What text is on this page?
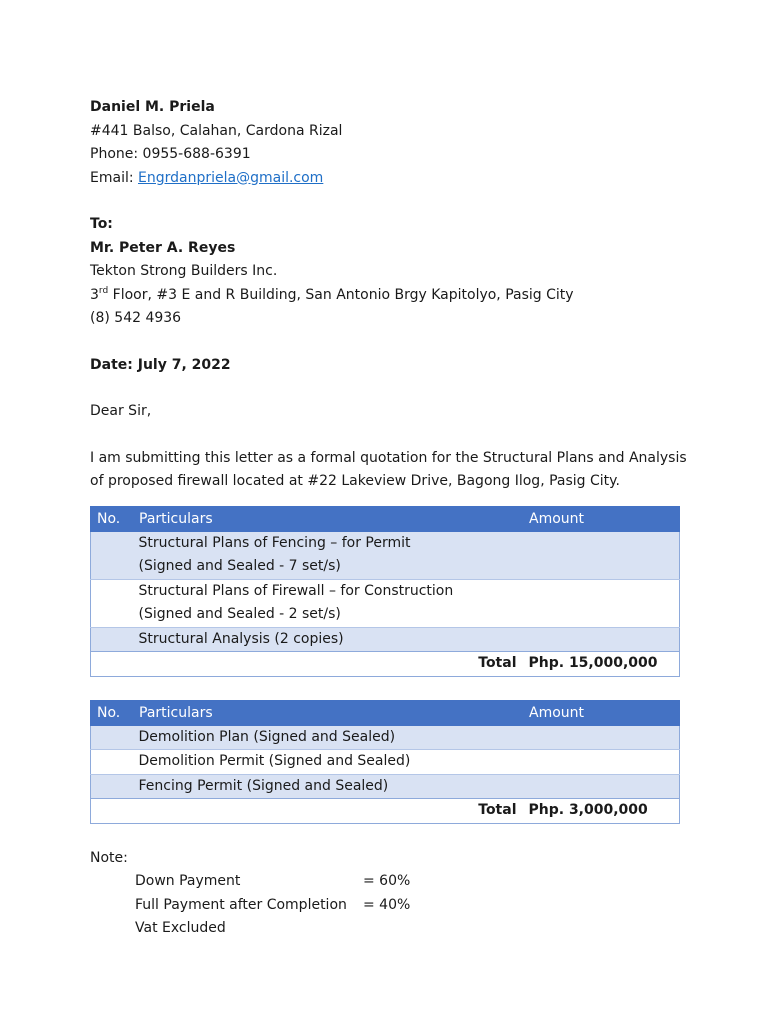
Daniel M. Priela
#441 Balso, Calahan, Cardona Rizal
Phone: 0955-688-6391
Email: Engrdanpriela@gmail.com
To:
Mr. Peter A. Reyes
Tekton Strong Builders Inc.
3rd Floor, #3 E and R Building, San Antonio Brgy Kapitolyo, Pasig City
(8) 542 4936
Date: July 7, 2022
Dear Sir,
I am submitting this letter as a formal quotation for the Structural Plans and Analysis
of proposed firewall located at #22 Lakeview Drive, Bagong Ilog, Pasig City.
No.	Particulars	Amount

	Structural Plans of Fencing – for Permit
(Signed and Sealed - 7 set/s)	

	Structural Plans of Firewall – for Construction
(Signed and Sealed - 2 set/s)	

	Structural Analysis (2 copies)	
	Total	Php. 15,000,000
No.	Particulars	Amount
	Demolition Plan (Signed and Sealed)	
	Demolition Permit (Signed and Sealed)	
	Fencing Permit (Signed and Sealed)	
	Total	Php. 3,000,000
Note:
Down Payment	= 60%
Full Payment after Completion	= 40%
Vat Excluded
